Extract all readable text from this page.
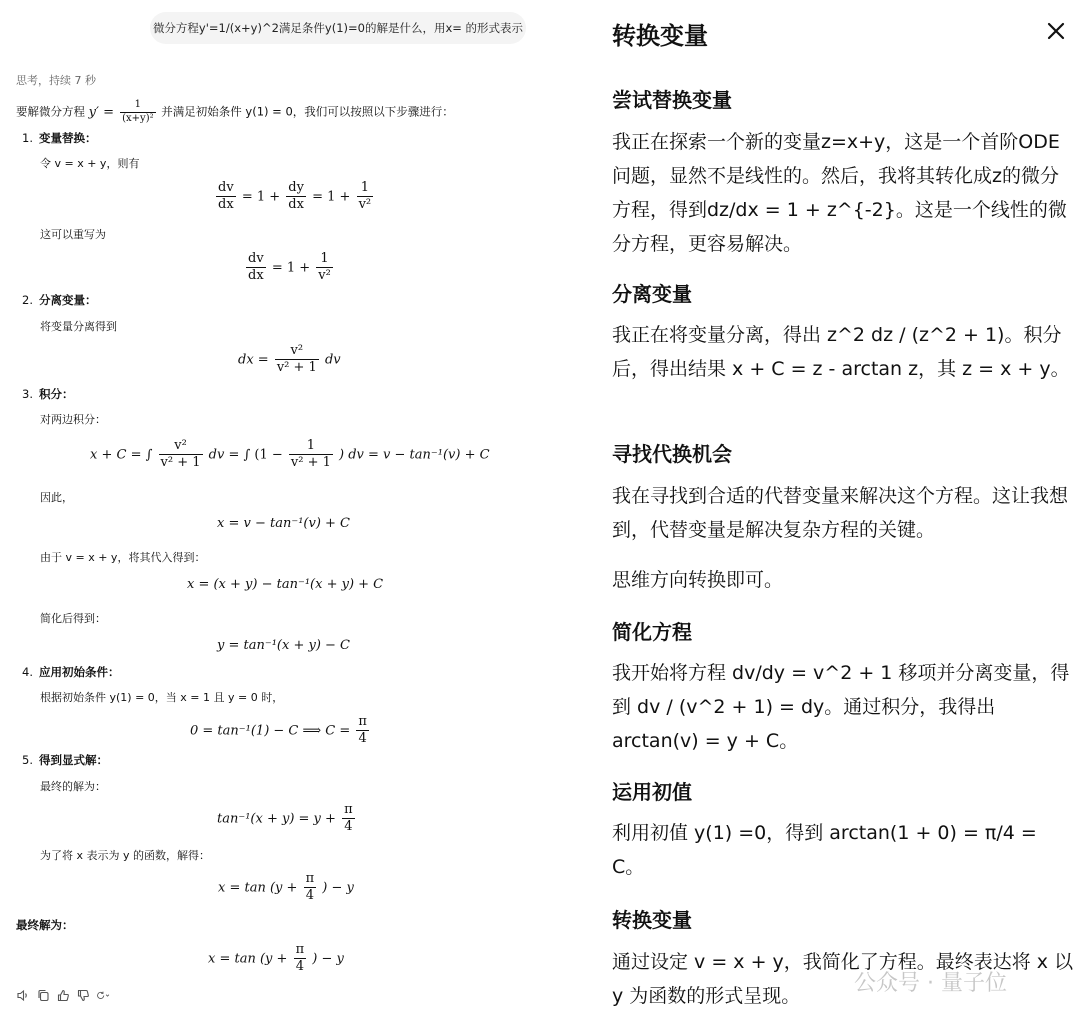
微分方程y'=1/(x+y)^2满足条件y(1)=0的解是什么，用x= 的形式表示
思考，持续 7 秒
要解微分方程 $y' = \frac{1}{\text{(x+y)²}}$ 并满足初始条件 y(1) = 0，我们可以按照以下步骤进行：
1. 变量替换：
令 v = x + y，则有
$\frac{dv}{dx} = 1 + \frac{dy}{dx} = 1 + \frac{1}{\text{v²}}$
这可以重写为
$\frac{dv}{dx} = 1 + \frac{1}{\text{v²}}$
2. 分离变量：
将变量分离得到
dx = $\frac{\text{v²}}{\text{v² + 1}}$ dv
3. 积分：
对两边积分：
x + C = ∫ $\frac{\text{v²}}{\text{v² + 1}}$ dv = ∫ ($1 - \frac{1}{\text{v² + 1}}$ ) dv = v − tan⁻¹(v) + C
因此，
x = v − tan⁻¹(v) + C
由于 v = x + y，将其代入得到：
x = (x + y) − tan⁻¹(x + y) + C
简化后得到：
y = tan⁻¹(x + y) − C
4. 应用初始条件：
根据初始条件 y(1) = 0，当 x = 1 且 y = 0 时，
0 = tan⁻¹(1) − C ⟹ $C = \frac{\pi}{4}$
5. 得到显式解：
最终的解为：
$\tan^{-1}(x + y) = y + \frac{\pi}{4}$
为了将 x 表示为 y 的函数，解得：
$x = \tan (y + \frac{\pi}{4}$ ) − y
最终解为：
$x = \tan (y + \frac{\pi}{4}$ ) − y
转换变量
尝试替换变量
我正在探索一个新的变量z=x+y，这是一个首阶ODE问题，显然不是线性的。然后，我将其转化成z的微分方程，得到dz/dx = 1 + z^{-2}。这是一个线性的微分方程，更容易解决。
分离变量
我正在将变量分离，得出 z^2 dz / (z^2 + 1)。积分后，得出结果 x + C = z - arctan z，其 z = x + y。
寻找代换机会
我在寻找到合适的代替变量来解决这个方程。这让我想到，代替变量是解决复杂方程的关键。
思维方向转换即可。
简化方程
我开始将方程 dv/dy = v^2 + 1 移项并分离变量，得到 dv / (v^2 + 1) = dy。通过积分，我得出 arctan(v) = y + C。
运用初值
利用初值 y(1) =0，得到 arctan(1 + 0) = π/4 = C。
转换变量
通过设定 v = x + y，我简化了方程。最终表达将 x 以 y 为函数的形式呈现。	公众号 · 量子位
